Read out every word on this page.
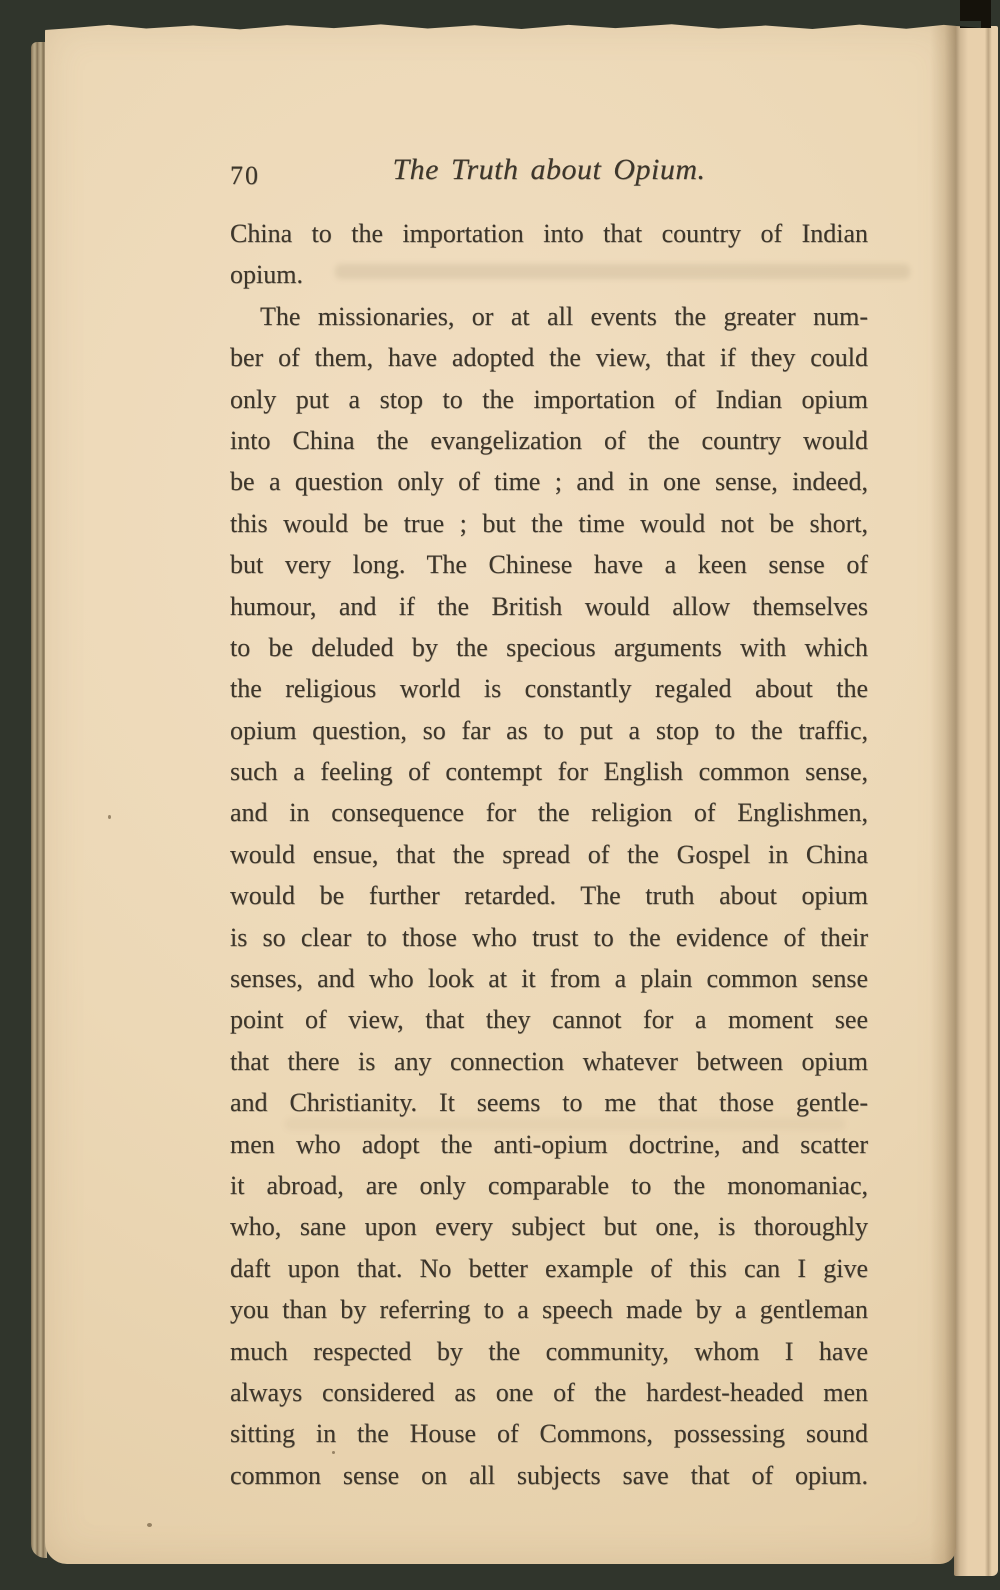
70	The Truth about Opium.
China to the importation into that country of Indian
opium.
The missionaries, or at all events the greater num-
ber of them, have adopted the view, that if they could
only put a stop to the importation of Indian opium
into China the evangelization of the country would
be a question only of time ; and in one sense, indeed,
this would be true ; but the time would not be short,
but very long. The Chinese have a keen sense of
humour, and if the British would allow themselves
to be deluded by the specious arguments with which
the religious world is constantly regaled about the
opium question, so far as to put a stop to the traffic,
such a feeling of contempt for English common sense,
and in consequence for the religion of Englishmen,
would ensue, that the spread of the Gospel in China
would be further retarded. The truth about opium
is so clear to those who trust to the evidence of their
senses, and who look at it from a plain common sense
point of view, that they cannot for a moment see
that there is any connection whatever between opium
and Christianity. It seems to me that those gentle-
men who adopt the anti-opium doctrine, and scatter
it abroad, are only comparable to the monomaniac,
who, sane upon every subject but one, is thoroughly
daft upon that. No better example of this can I give
you than by referring to a speech made by a gentleman
much respected by the community, whom I have
always considered as one of the hardest-headed men
sitting in the House of Commons, possessing sound
common sense on all subjects save that of opium.
